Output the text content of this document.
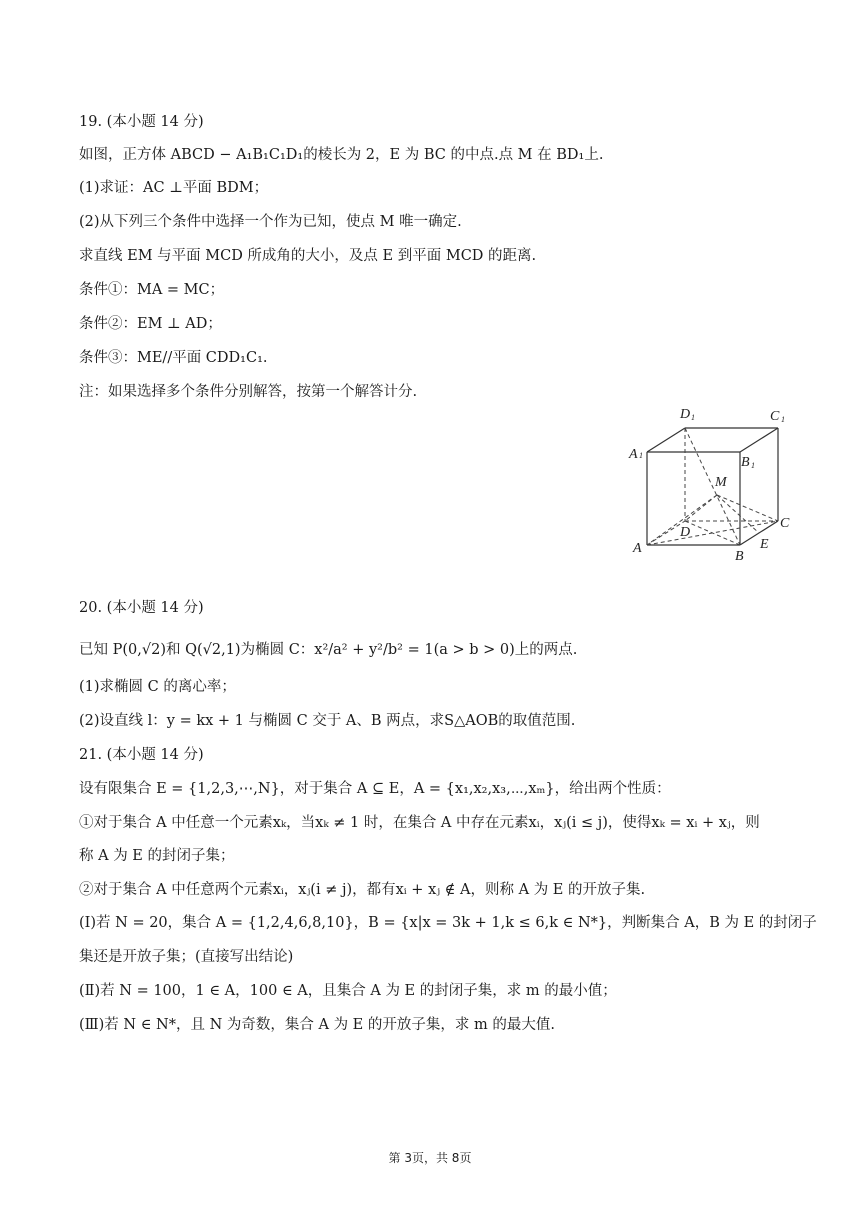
19. (本小题 14 分)
如图，正方体 ABCD − A₁B₁C₁D₁的棱长为 2，E 为 BC 的中点.点 M 在 BD₁上.
(1)求证：AC ⊥平面 BDM；
(2)从下列三个条件中选择一个作为已知，使点 M 唯一确定.
求直线 EM 与平面 MCD 所成角的大小，及点 E 到平面 MCD 的距离.
条件①：MA = MC；
条件②：EM ⊥ AD；
条件③：ME//平面 CDD₁C₁.
注：如果选择多个条件分别解答，按第一个解答计分.
A 1
D 1	C 1
B 1
M
D
C
E
A
B
20. (本小题 14 分)
已知 P(0,√2)和 Q(√2,1)为椭圆 C：x²/a² + y²/b² = 1(a > b > 0)上的两点.
(1)求椭圆 C 的离心率；
(2)设直线 l：y = kx + 1 与椭圆 C 交于 A、B 两点，求S△AOB的取值范围.
21. (本小题 14 分)
设有限集合 E = {1,2,3,⋯,N}，对于集合 A ⊆ E，A = {x₁,x₂,x₃,⋯,xₘ}，给出两个性质：
①对于集合 A 中任意一个元素xₖ，当xₖ ≠ 1 时，在集合 A 中存在元素xᵢ，xⱼ(i ≤ j)，使得xₖ = xᵢ + xⱼ，则
称 A 为 E 的封闭子集；
②对于集合 A 中任意两个元素xᵢ，xⱼ(i ≠ j)，都有xᵢ + xⱼ ∉ A，则称 A 为 E 的开放子集.
(Ⅰ)若 N = 20，集合 A = {1,2,4,6,8,10}，B = {x|x = 3k + 1,k ≤ 6,k ∈ N*}，判断集合 A，B 为 E 的封闭子
集还是开放子集；(直接写出结论)
(Ⅱ)若 N = 100，1 ∈ A，100 ∈ A，且集合 A 为 E 的封闭子集，求 m 的最小值；
(Ⅲ)若 N ∈ N*，且 N 为奇数，集合 A 为 E 的开放子集，求 m 的最大值.
第 3页，共 8页
